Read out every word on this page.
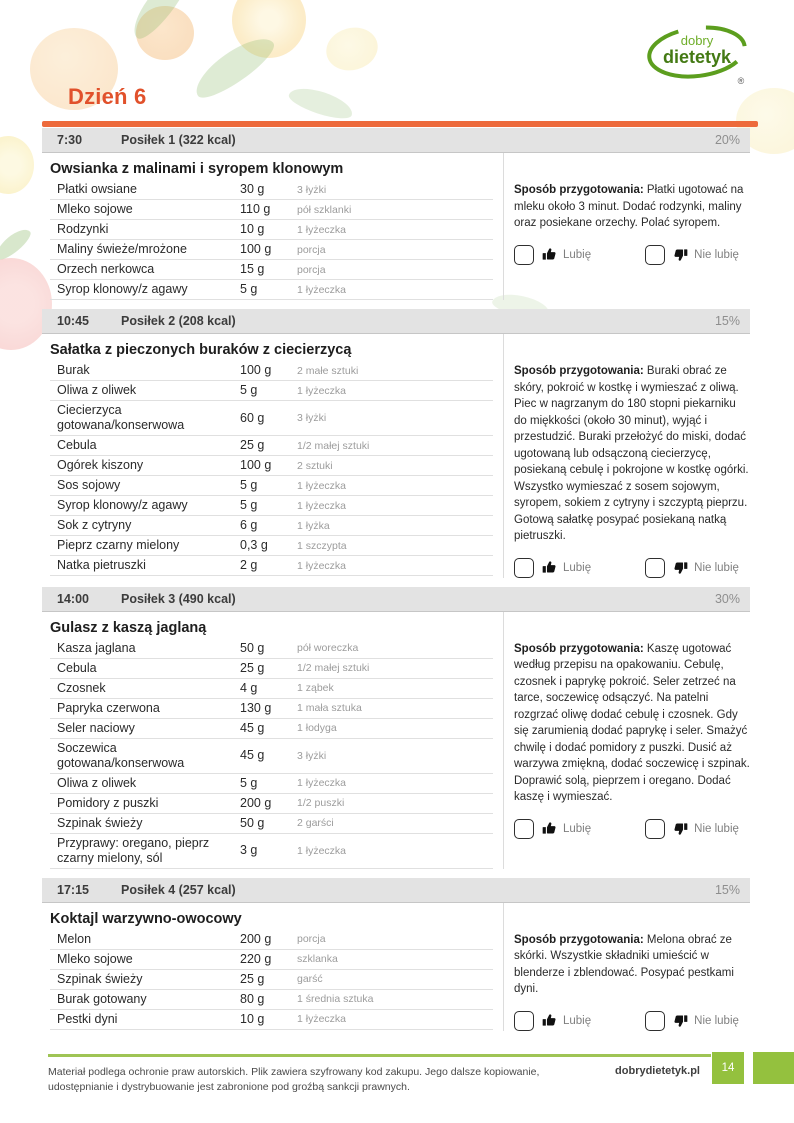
dobry
dietetyk
®
Dzień 6
7:30	Posiłek 1 (322 kcal)	20%
Owsianka z malinami i syropem klonowym
Płatki owsiane	30 g	3 łyżki
Mleko sojowe	110 g	pół szklanki
Rodzynki	10 g	1 łyżeczka
Maliny świeże/mrożone	100 g	porcja
Orzech nerkowca	15 g	porcja
Syrop klonowy/z agawy	5 g	1 łyżeczka

Sposób przygotowania: Płatki ugotować na mleku około 3 minut. Dodać rodzynki, maliny oraz posiekane orzechy. Polać syropem.

Lubię	Nie lubię
10:45	Posiłek 2 (208 kcal)	15%
Sałatka z pieczonych buraków z ciecierzycą
Burak	100 g	2 małe sztuki
Oliwa z oliwek	5 g	1 łyżeczka
Ciecierzyca gotowana/konserwowa
60 g	3 łyżki
Cebula	25 g	1/2 małej sztuki
Ogórek kiszony	100 g	2 sztuki
Sos sojowy	5 g	1 łyżeczka
Syrop klonowy/z agawy	5 g	1 łyżeczka
Sok z cytryny	6 g	1 łyżka
Pieprz czarny mielony	0,3 g	1 szczypta
Natka pietruszki	2 g	1 łyżeczka

Sposób przygotowania: Buraki obrać ze skóry, pokroić w kostkę i wymieszać z oliwą. Piec w nagrzanym do 180 stopni piekarniku do miękkości (około 30 minut), wyjąć i przestudzić. Buraki przełożyć do miski, dodać ugotowaną lub odsączoną ciecierzycę, posiekaną cebulę i pokrojone w kostkę ogórki. Wszystko wymieszać z sosem sojowym, syropem, sokiem z cytryny i szczyptą pieprzu. Gotową sałatkę posypać posiekaną natką pietruszki.

Lubię	Nie lubię
14:00	Posiłek 3 (490 kcal)	30%
Gulasz z kaszą jaglaną
Kasza jaglana	50 g	pół woreczka
Cebula	25 g	1/2 małej sztuki
Czosnek	4 g	1 ząbek
Papryka czerwona	130 g	1 mała sztuka
Seler naciowy	45 g	1 łodyga
Soczewica gotowana/konserwowa
45 g	3 łyżki
Oliwa z oliwek	5 g	1 łyżeczka
Pomidory z puszki	200 g	1/2 puszki
Szpinak świeży	50 g	2 garści
Przyprawy: oregano, pieprz czarny mielony, sól
3 g	1 łyżeczka

Sposób przygotowania: Kaszę ugotować według przepisu na opakowaniu. Cebulę, czosnek i paprykę pokroić. Seler zetrzeć na tarce, soczewicę odsączyć. Na patelni rozgrzać oliwę dodać cebulę i czosnek. Gdy się zarumienią dodać paprykę i seler. Smażyć chwilę i dodać pomidory z puszki. Dusić aż warzywa zmiękną, dodać soczewicę i szpinak. Doprawić solą, pieprzem i oregano. Dodać kaszę i wymieszać.

Lubię	Nie lubię
17:15	Posiłek 4 (257 kcal)	15%
Koktajl warzywno-owocowy
Melon	200 g	porcja
Mleko sojowe	220 g	szklanka
Szpinak świeży	25 g	garść
Burak gotowany	80 g	1 średnia sztuka
Pestki dyni	10 g	1 łyżeczka

Sposób przygotowania: Melona obrać ze skórki. Wszystkie składniki umieścić w blenderze i zblendować. Posypać pestkami dyni.

Lubię	Nie lubię

Materiał podlega ochronie praw autorskich. Plik zawiera szyfrowany kod zakupu. Jego dalsze kopiowanie, udostępnianie i dystrybuowanie jest zabronione pod groźbą sankcji prawnych.

dobrydietetyk.pl 14
